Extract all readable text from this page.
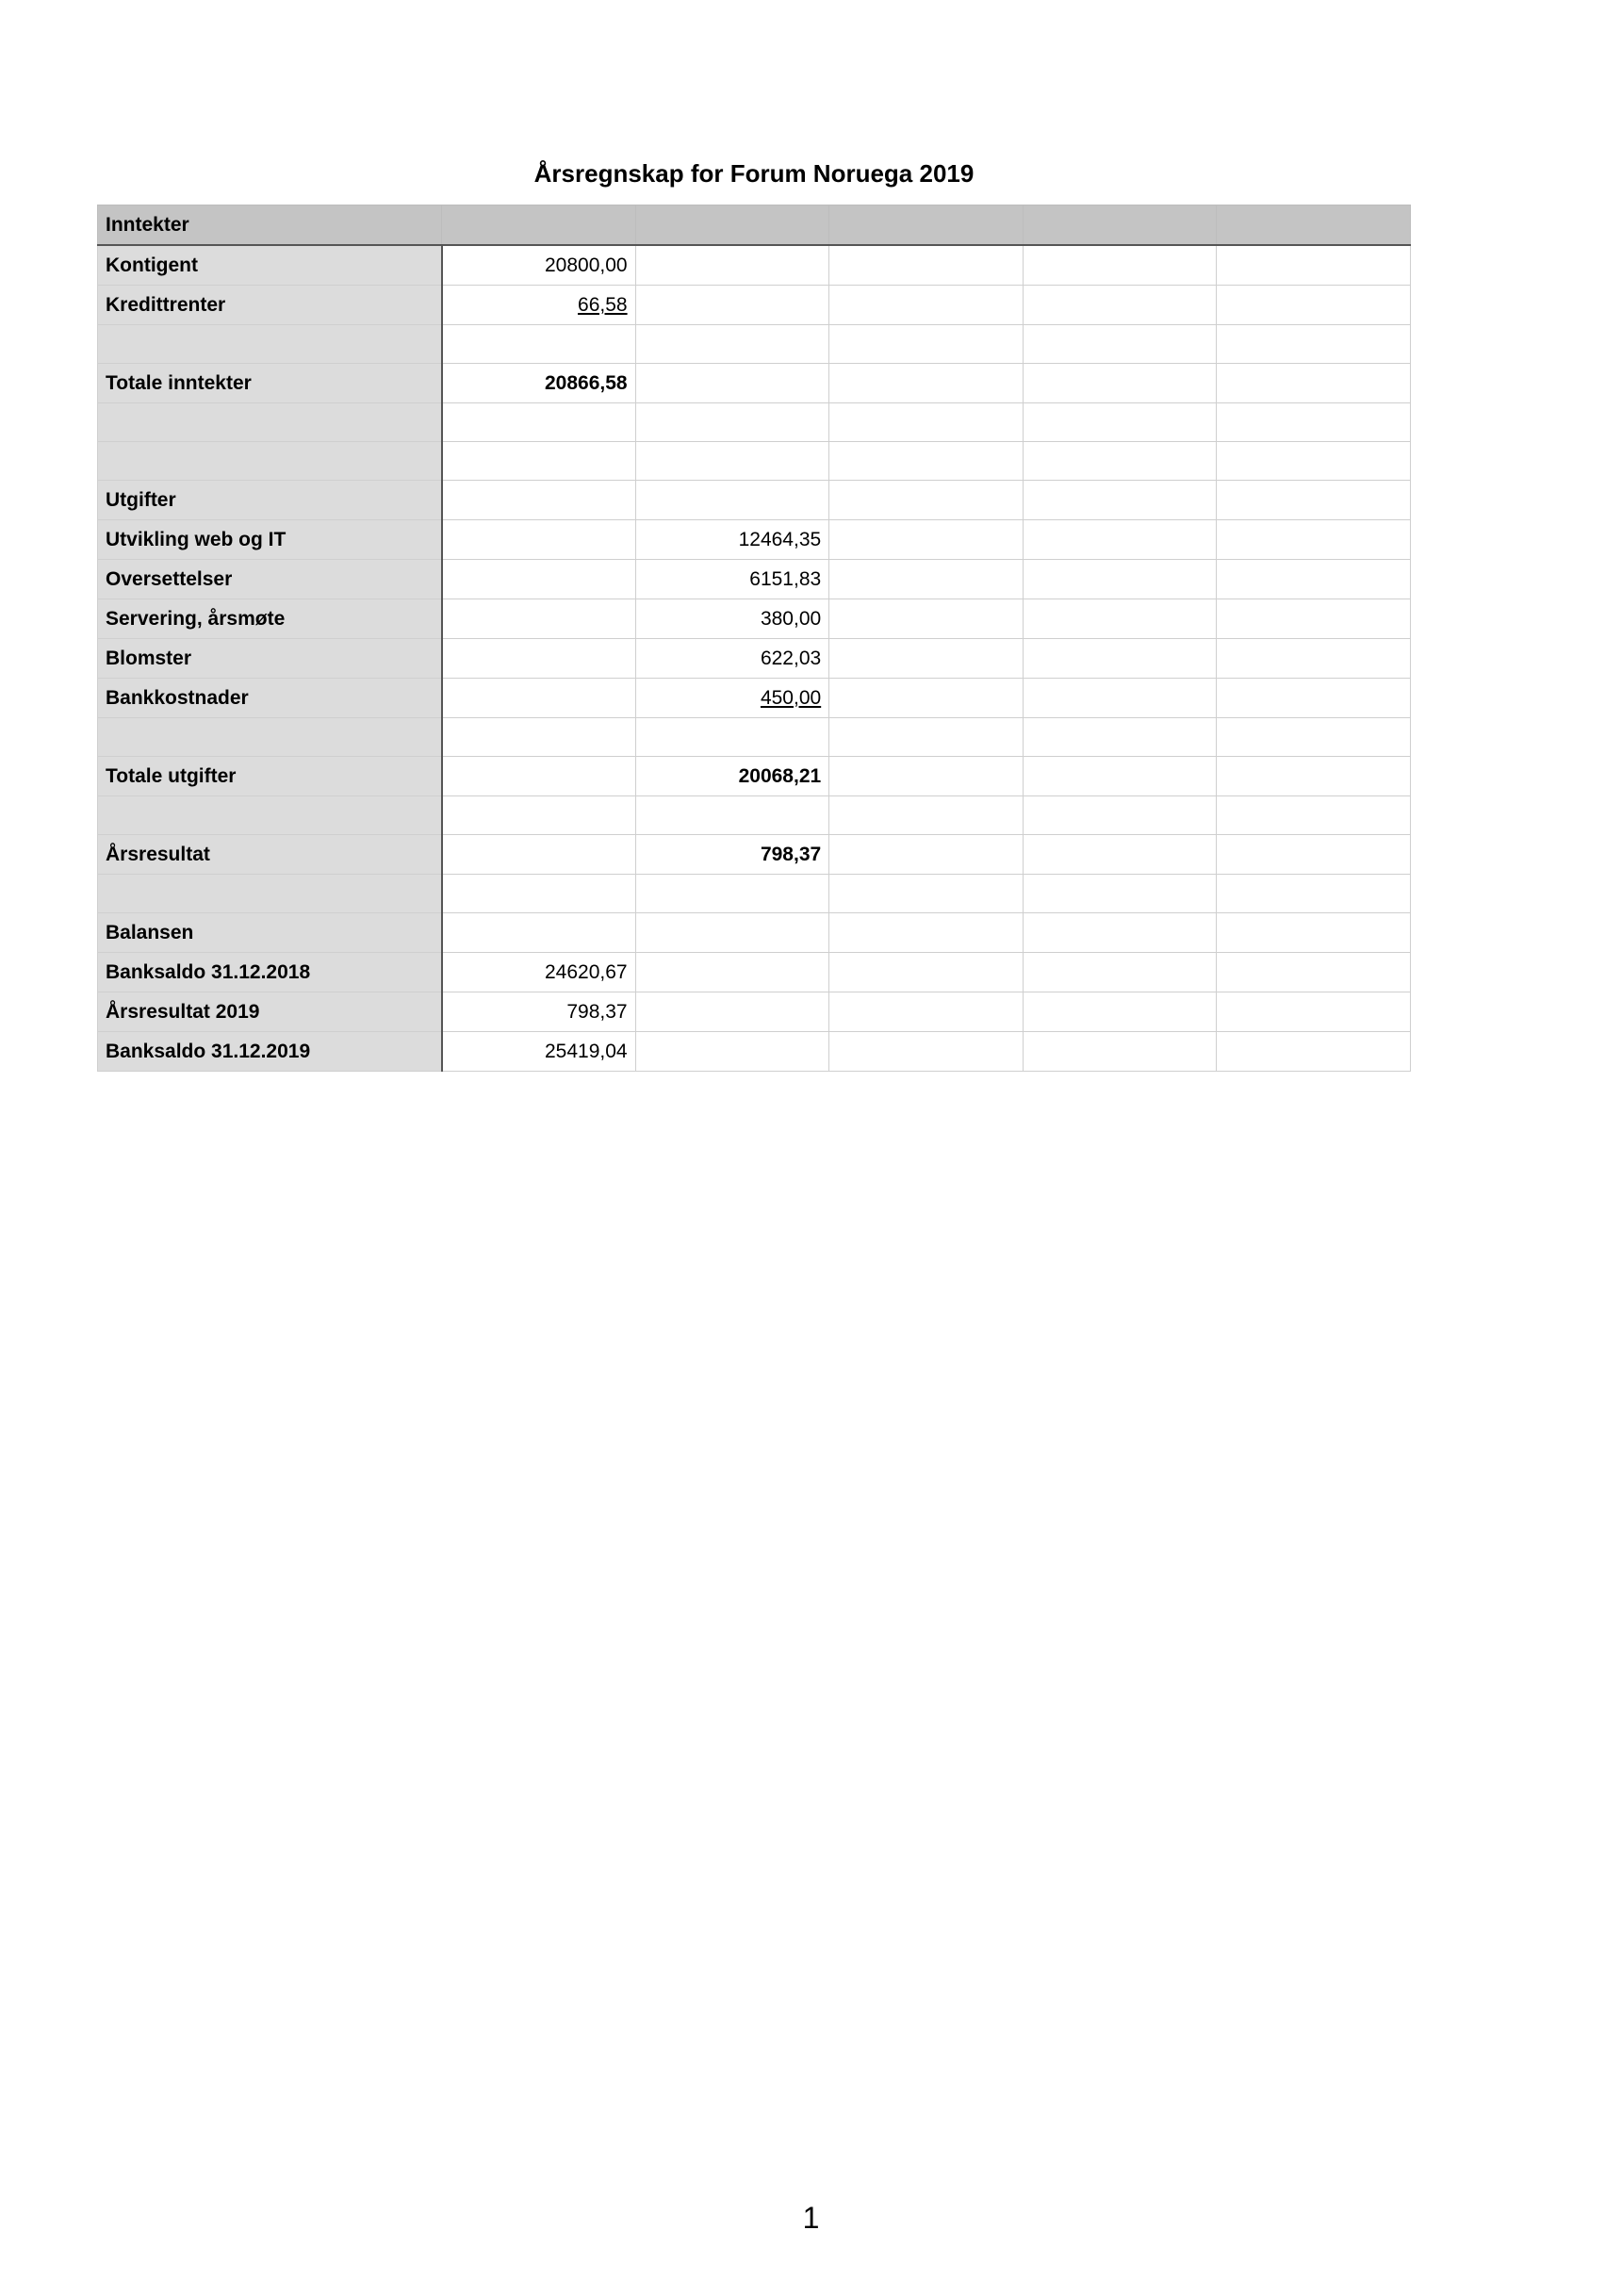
Årsregnskap for Forum Noruega 2019
Inntekter					
Kontigent	20800,00				
Kredittrenter	66,58				

Totale inntekter	20866,58				

Utgifter					
Utvikling web og IT		12464,35			
Oversettelser		6151,83			
Servering, årsmøte		380,00			
Blomster		622,03			
Bankkostnader		450,00			

Totale utgifter		20068,21			

Årsresultat		798,37			

Balansen					
Banksaldo 31.12.2018	24620,67				
Årsresultat 2019	798,37				
Banksaldo 31.12.2019	25419,04				
1
